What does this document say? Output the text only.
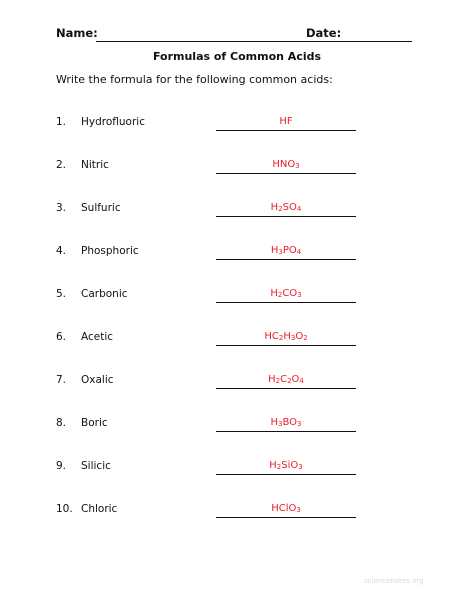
Name:	Date:
Formulas of Common Acids
Write the formula for the following common acids:
1.	Hydrofluoric	HF
2.	Nitric	$HNO_3$
3.	Sulfuric	$H_2SO_4$
4.	Phosphoric	$H_3PO_4$
5.	Carbonic	$H_2CO_3$
6.	Acetic	$HC_2H_3O_2$
7.	Oxalic	$H_2C_2O_4$
8.	Boric	$H_3BO_3$
9.	Silicic	$H_2SiO_3$
10. Chloric	HClO$_3$
sciencenotes.org
